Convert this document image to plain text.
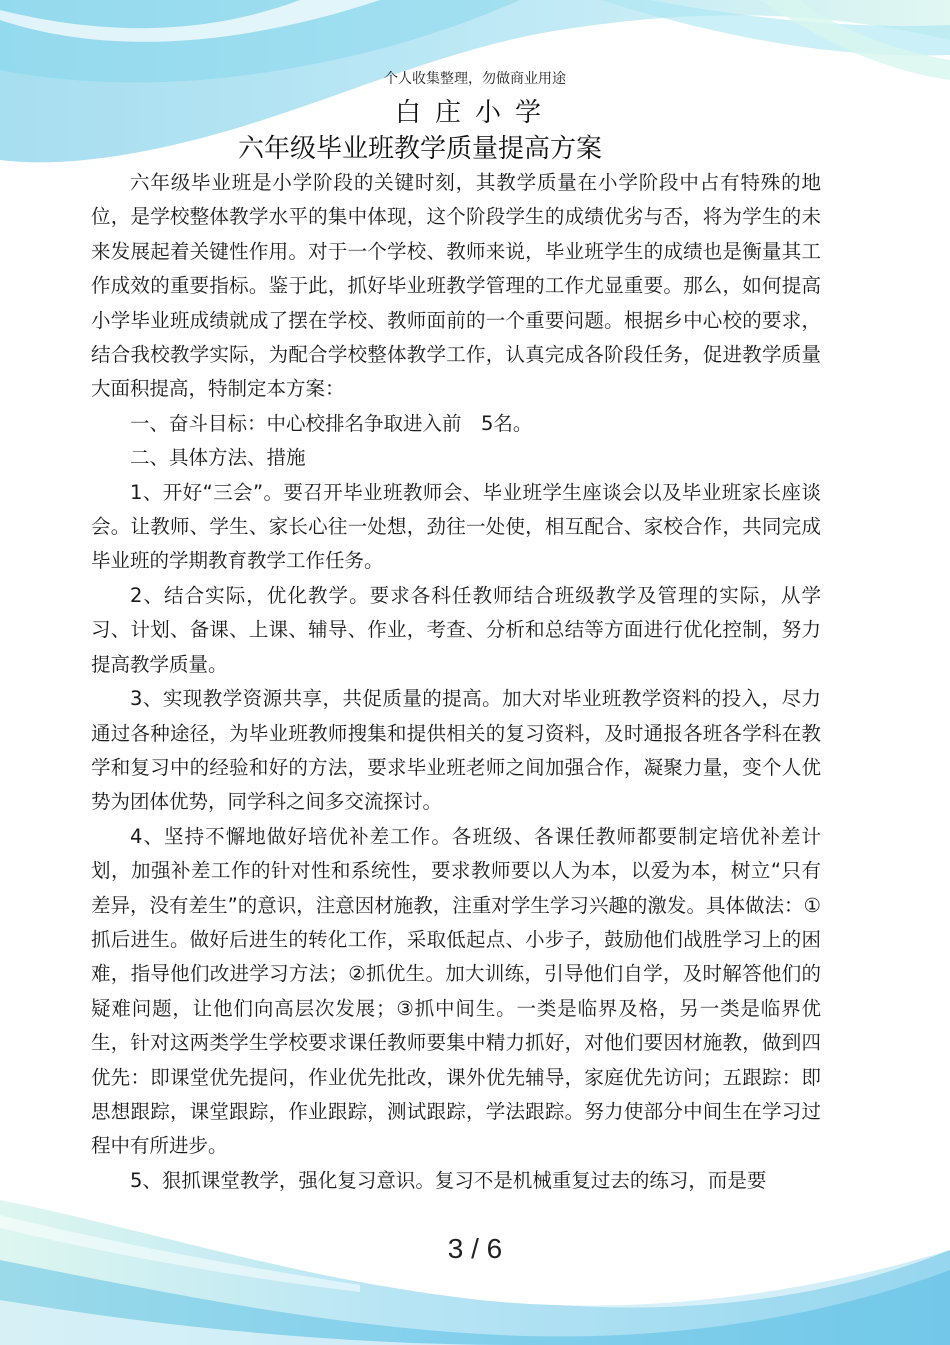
个人收集整理，勿做商业用途
白庄小学
六年级毕业班教学质量提高方案

六年级毕业班是小学阶段的关键时刻，其教学质量在小学阶段中占有特殊的地位，是学校整体教学水平的集中体现，这个阶段学生的成绩优劣与否，将为学生的未来发展起着关键性作用。对于一个学校、教师来说，毕业班学生的成绩也是衡量其工作成效的重要指标。鉴于此，抓好毕业班教学管理的工作尤显重要。那么，如何提高小学毕业班成绩就成了摆在学校、教师面前的一个重要问题。根据乡中心校的要求，结合我校教学实际，为配合学校整体教学工作，认真完成各阶段任务，促进教学质量大面积提高，特制定本方案：

一、奋斗目标：中心校排名争取进入前　5名。

二、具体方法、措施

1、开好“三会”。要召开毕业班教师会、毕业班学生座谈会以及毕业班家长座谈会。让教师、学生、家长心往一处想，劲往一处使，相互配合、家校合作，共同完成毕业班的学期教育教学工作任务。

2、结合实际，优化教学。要求各科任教师结合班级教学及管理的实际，从学习、计划、备课、上课、辅导、作业，考查、分析和总结等方面进行优化控制，努力提高教学质量。

3、实现教学资源共享，共促质量的提高。加大对毕业班教学资料的投入，尽力通过各种途径，为毕业班教师搜集和提供相关的复习资料，及时通报各班各学科在教学和复习中的经验和好的方法，要求毕业班老师之间加强合作，凝聚力量，变个人优势为团体优势，同学科之间多交流探讨。

4、坚持不懈地做好培优补差工作。各班级、各课任教师都要制定培优补差计划，加强补差工作的针对性和系统性，要求教师要以人为本，以爱为本，树立“只有差异，没有差生”的意识，注意因材施教，注重对学生学习兴趣的激发。具体做法：①抓后进生。做好后进生的转化工作，采取低起点、小步子，鼓励他们战胜学习上的困难，指导他们改进学习方法；②抓优生。加大训练，引导他们自学，及时解答他们的疑难问题，让他们向高层次发展；③抓中间生。一类是临界及格，另一类是临界优生，针对这两类学生学校要求课任教师要集中精力抓好，对他们要因材施教，做到四优先：即课堂优先提问，作业优先批改，课外优先辅导，家庭优先访问；五跟踪：即思想跟踪，课堂跟踪，作业跟踪，测试跟踪，学法跟踪。努力使部分中间生在学习过程中有所进步。

5、狠抓课堂教学，强化复习意识。复习不是机械重复过去的练习，而是要

3 / 6
